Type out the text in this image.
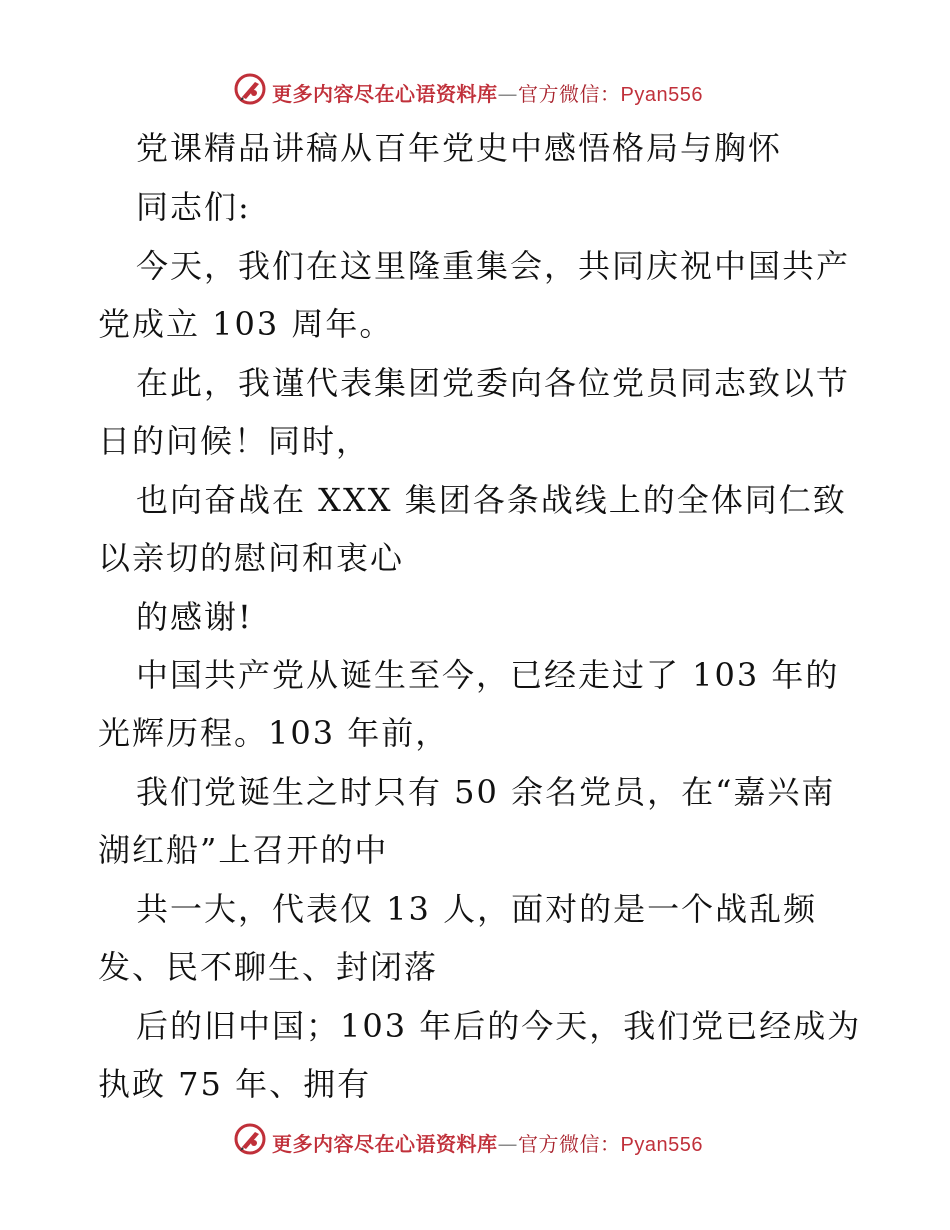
更多内容尽在心语资料库—官方微信：Pyan556
党课精品讲稿从百年党史中感悟格局与胸怀
同志们:
今天，我们在这里隆重集会，共同庆祝中国共产
党成立 103 周年。
在此，我谨代表集团党委向各位党员同志致以节
日的问候！同时，
也向奋战在 XXX 集团各条战线上的全体同仁致
以亲切的慰问和衷心
的感谢!
中国共产党从诞生至今，已经走过了 103 年的
光辉历程。103 年前，
我们党诞生之时只有 50 余名党员，在“嘉兴南
湖红船”上召开的中
共一大，代表仅 13 人，面对的是一个战乱频
发、民不聊生、封闭落
后的旧中国；103 年后的今天，我们党已经成为
执政 75 年、拥有
更多内容尽在心语资料库—官方微信：Pyan556
